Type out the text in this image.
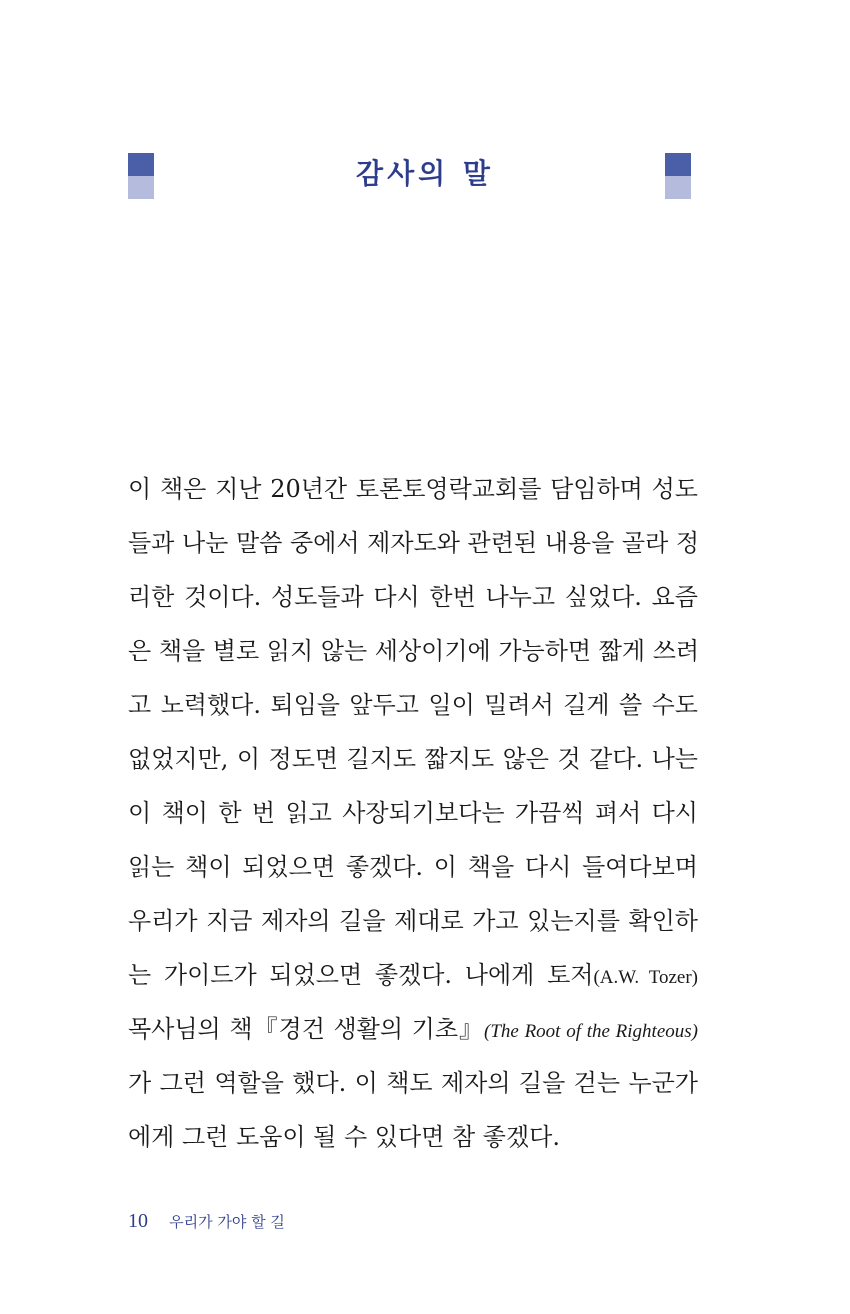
감사의 말
이 책은 지난 20년간 토론토영락교회를 담임하며 성도
들과 나눈 말씀 중에서 제자도와 관련된 내용을 골라 정
리한 것이다. 성도들과 다시 한번 나누고 싶었다. 요즘
은 책을 별로 읽지 않는 세상이기에 가능하면 짧게 쓰려
고 노력했다. 퇴임을 앞두고 일이 밀려서 길게 쓸 수도
없었지만, 이 정도면 길지도 짧지도 않은 것 같다. 나는
이 책이 한 번 읽고 사장되기보다는 가끔씩 펴서 다시
읽는 책이 되었으면 좋겠다. 이 책을 다시 들여다보며
우리가 지금 제자의 길을 제대로 가고 있는지를 확인하
는 가이드가 되었으면 좋겠다. 나에게 토저(A.W. Tozer)
목사님의 책『경건 생활의 기초』(The Root of the Righteous)
가 그런 역할을 했다. 이 책도 제자의 길을 걷는 누군가
에게 그런 도움이 될 수 있다면 참 좋겠다.
10 우리가 가야 할 길
